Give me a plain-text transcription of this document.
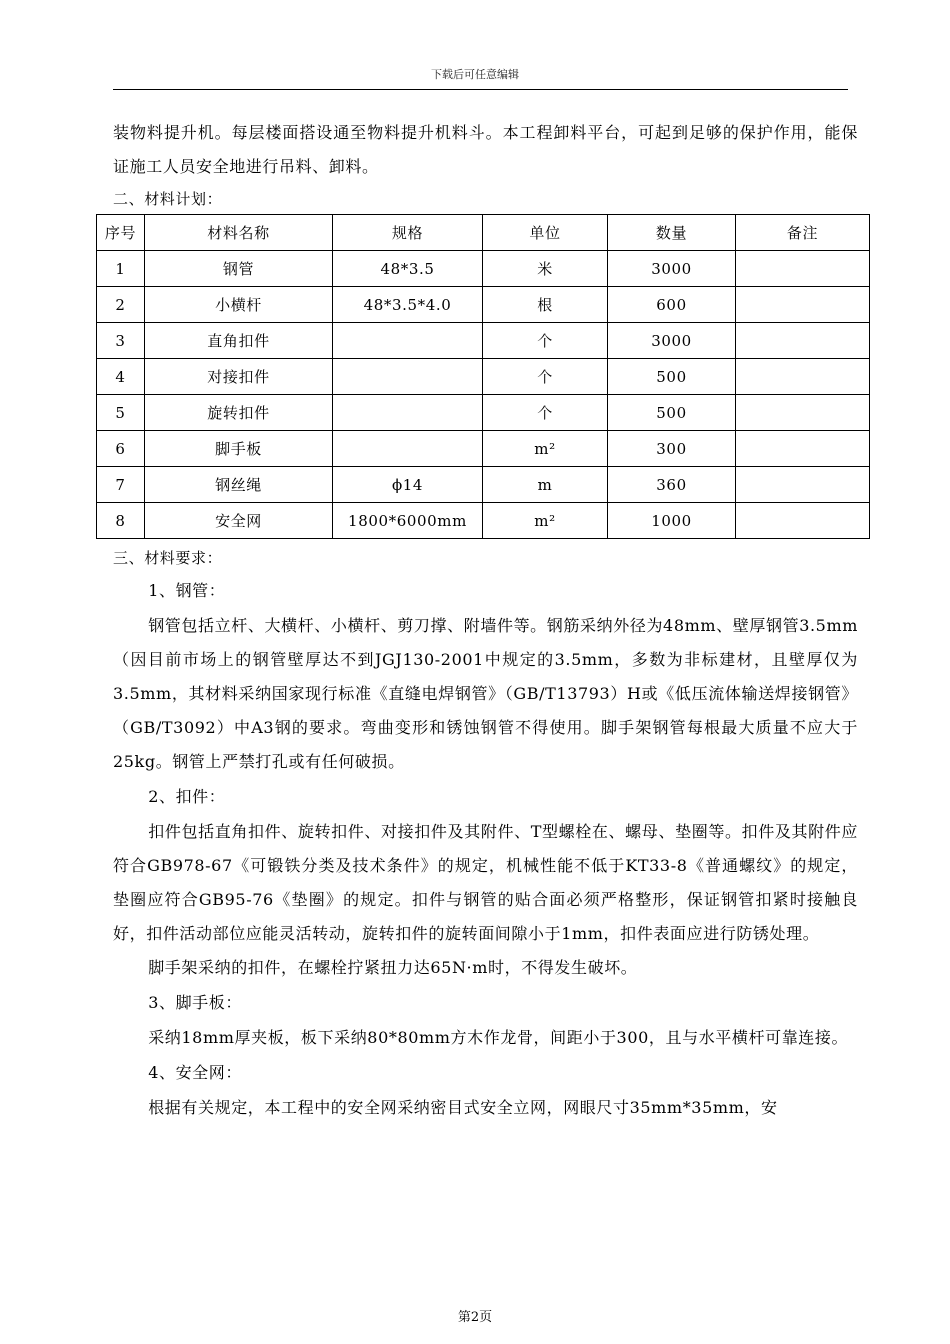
下载后可任意编辑

装物料提升机。每层楼面搭设通至物料提升机料斗。本工程卸料平台，可起到足够的保护作用，能保证施工人员安全地进行吊料、卸料。

二、材料计划：
序号	材料名称	规格	单位	数量	备注
1	钢管	48*3.5	米	3000	
2	小横杆	48*3.5*4.0	根	600	
3	直角扣件		个	3000	
4	对接扣件		个	500	
5	旋转扣件		个	500	
6	脚手板		m²	300	
7	钢丝绳	ϕ14	m	360	
8	安全网	1800*6000mm	m²	1000	
三、材料要求：
1、钢管：

钢管包括立杆、大横杆、小横杆、剪刀撑、附墙件等。钢筋采纳外径为48mm、壁厚钢管3.5mm（因目前市场上的钢管壁厚达不到JGJ130-2001中规定的3.5mm，多数为非标建材，且壁厚仅为3.5mm，其材料采纳国家现行标准《直缝电焊钢管》（GB/T13793）H或《低压流体输送焊接钢管》（GB/T3092）中A3钢的要求。弯曲变形和锈蚀钢管不得使用。脚手架钢管每根最大质量不应大于25kg。钢管上严禁打孔或有任何破损。

2、扣件：

扣件包括直角扣件、旋转扣件、对接扣件及其附件、T型螺栓在、螺母、垫圈等。扣件及其附件应符合GB978-67《可锻铁分类及技术条件》的规定，机械性能不低于KT33-8《普通螺纹》的规定，垫圈应符合GB95-76《垫圈》的规定。扣件与钢管的贴合面必须严格整形，保证钢管扣紧时接触良好，扣件活动部位应能灵活转动，旋转扣件的旋转面间隙小于1mm，扣件表面应进行防锈处理。

脚手架采纳的扣件，在螺栓拧紧扭力达65N·m时，不得发生破坏。

3、脚手板：

采纳18mm厚夹板，板下采纳80*80mm方木作龙骨，间距小于300，且与水平横杆可靠连接。

4、安全网：

根据有关规定，本工程中的安全网采纳密目式安全立网，网眼尺寸35mm*35mm，安

第2页
